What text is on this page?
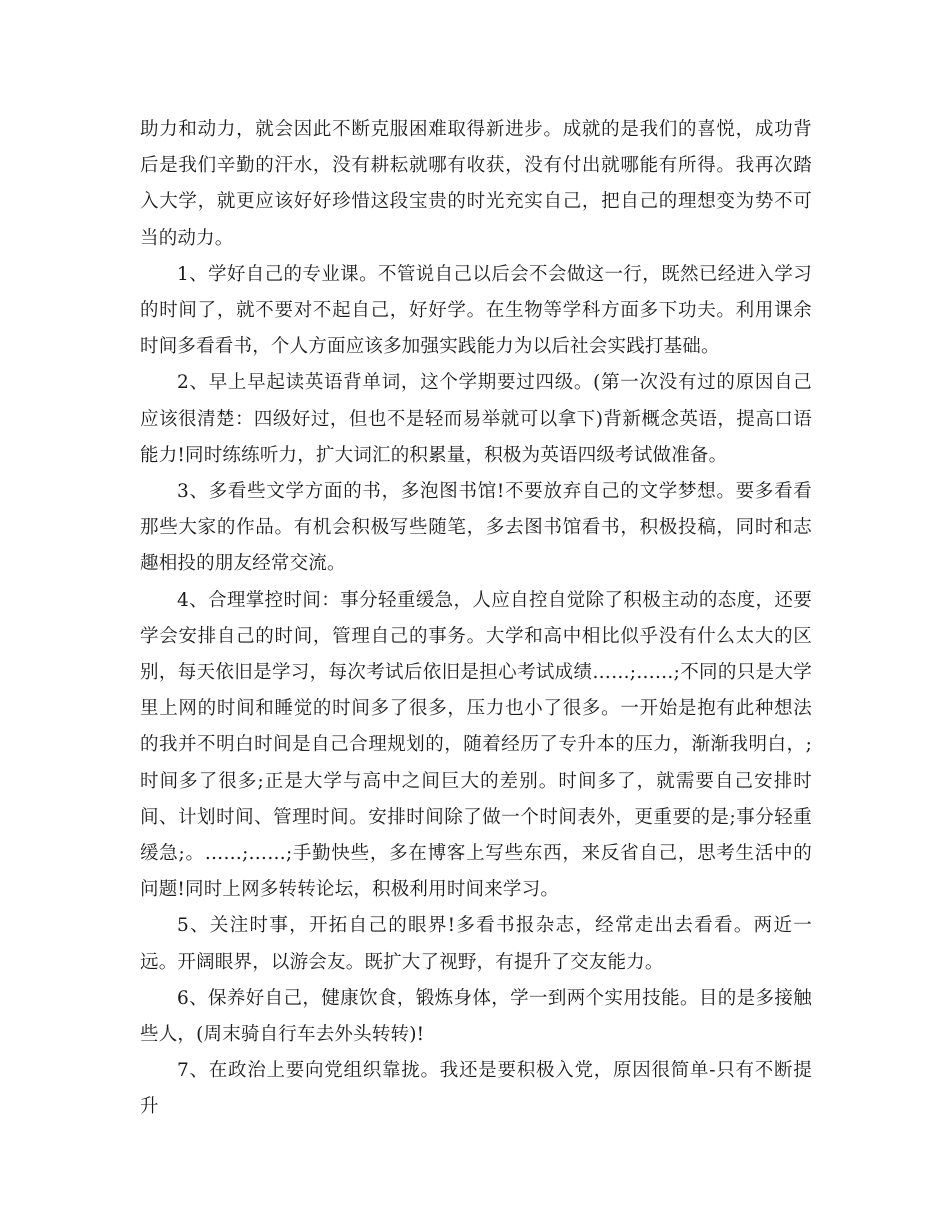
助力和动力，就会因此不断克服困难取得新进步。成就的是我们的喜悦，成功背后是我们辛勤的汗水，没有耕耘就哪有收获，没有付出就哪能有所得。我再次踏入大学，就更应该好好珍惜这段宝贵的时光充实自己，把自己的理想变为势不可当的动力。

1、学好自己的专业课。不管说自己以后会不会做这一行，既然已经进入学习的时间了，就不要对不起自己，好好学。在生物等学科方面多下功夫。利用课余时间多看看书，个人方面应该多加强实践能力为以后社会实践打基础。

2、早上早起读英语背单词，这个学期要过四级。(第一次没有过的原因自己应该很清楚：四级好过，但也不是轻而易举就可以拿下)背新概念英语，提高口语能力!同时练练听力，扩大词汇的积累量，积极为英语四级考试做准备。

3、多看些文学方面的书，多泡图书馆!不要放弃自己的文学梦想。要多看看那些大家的作品。有机会积极写些随笔，多去图书馆看书，积极投稿，同时和志趣相投的朋友经常交流。

4、合理掌控时间：事分轻重缓急，人应自控自觉除了积极主动的态度，还要学会安排自己的时间，管理自己的事务。大学和高中相比似乎没有什么太大的区别，每天依旧是学习，每次考试后依旧是担心考试成绩……;……;不同的只是大学里上网的时间和睡觉的时间多了很多，压力也小了很多。一开始是抱有此种想法的我并不明白时间是自己合理规划的，随着经历了专升本的压力，渐渐我明白，;时间多了很多;正是大学与高中之间巨大的差别。时间多了，就需要自己安排时间、计划时间、管理时间。安排时间除了做一个时间表外，更重要的是;事分轻重缓急;。……;……;手勤快些，多在博客上写些东西，来反省自己，思考生活中的问题!同时上网多转转论坛，积极利用时间来学习。

5、关注时事，开拓自己的眼界!多看书报杂志，经常走出去看看。两近一远。开阔眼界，以游会友。既扩大了视野，有提升了交友能力。

6、保养好自己，健康饮食，锻炼身体，学一到两个实用技能。目的是多接触些人，(周末骑自行车去外头转转)!

7、在政治上要向党组织靠拢。我还是要积极入党，原因很简单-只有不断提升
